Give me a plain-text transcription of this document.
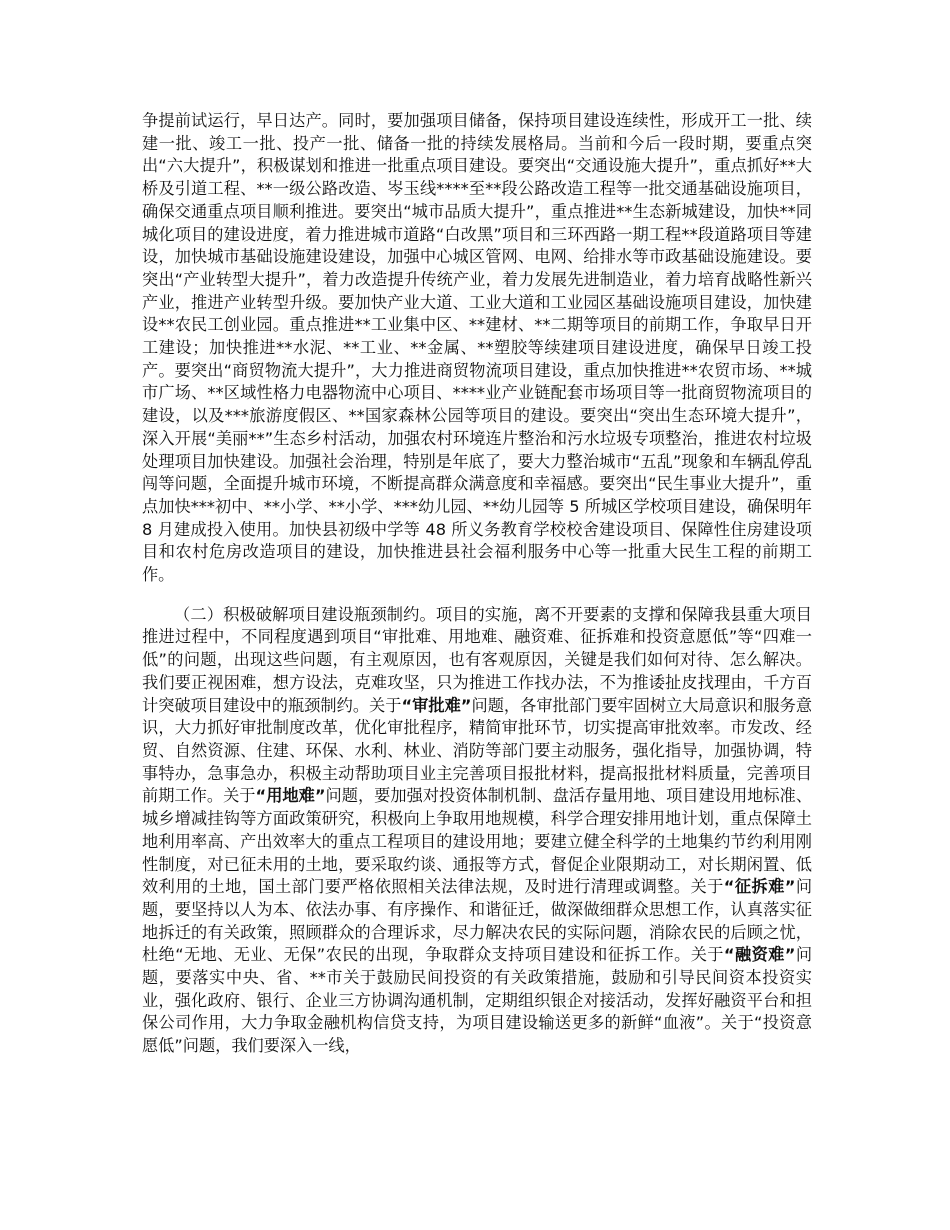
争提前试运行，早日达产。同时，要加强项目储备，保持项目建设连续性，形成开工一批、续建一批、竣工一批、投产一批、储备一批的持续发展格局。当前和今后一段时期，要重点突出“六大提升”，积极谋划和推进一批重点项目建设。要突出“交通设施大提升”，重点抓好**大桥及引道工程、**一级公路改造、岑玉线****至**段公路改造工程等一批交通基础设施项目，确保交通重点项目顺利推进。要突出“城市品质大提升”，重点推进**生态新城建设，加快**同城化项目的建设进度，着力推进城市道路“白改黑”项目和三环西路一期工程**段道路项目等建设，加快城市基础设施建设建设，加强中心城区管网、电网、给排水等市政基础设施建设。要突出“产业转型大提升”，着力改造提升传统产业，着力发展先进制造业，着力培育战略性新兴产业，推进产业转型升级。要加快产业大道、工业大道和工业园区基础设施项目建设，加快建设**农民工创业园。重点推进**工业集中区、**建材、**二期等项目的前期工作，争取早日开工建设；加快推进**水泥、**工业、**金属、**塑胶等续建项目建设进度，确保早日竣工投产。要突出“商贸物流大提升”，大力推进商贸物流项目建设，重点加快推进**农贸市场、**城市广场、**区域性格力电器物流中心项目、****业产业链配套市场项目等一批商贸物流项目的建设，以及***旅游度假区、**国家森林公园等项目的建设。要突出“突出生态环境大提升”，深入开展“美丽**”生态乡村活动，加强农村环境连片整治和污水垃圾专项整治，推进农村垃圾处理项目加快建设。加强社会治理，特别是年底了，要大力整治城市“五乱”现象和车辆乱停乱闯等问题，全面提升城市环境，不断提高群众满意度和幸福感。要突出“民生事业大提升”，重点加快***初中、**小学、**小学、***幼儿园、**幼儿园等 5 所城区学校项目建设，确保明年 8 月建成投入使用。加快县初级中学等 48 所义务教育学校校舍建设项目、保障性住房建设项目和农村危房改造项目的建设，加快推进县社会福利服务中心等一批重大民生工程的前期工作。

（二）积极破解项目建设瓶颈制约。项目的实施，离不开要素的支撑和保障我县重大项目推进过程中，不同程度遇到项目“审批难、用地难、融资难、征拆难和投资意愿低”等“四难一低”的问题，出现这些问题，有主观原因，也有客观原因，关键是我们如何对待、怎么解决。我们要正视困难，想方设法，克难攻坚，只为推进工作找办法，不为推诿扯皮找理由，千方百计突破项目建设中的瓶颈制约。关于“审批难”问题，各审批部门要牢固树立大局意识和服务意识，大力抓好审批制度改革，优化审批程序，精简审批环节，切实提高审批效率。市发改、经贸、自然资源、住建、环保、水利、林业、消防等部门要主动服务，强化指导，加强协调，特事特办，急事急办，积极主动帮助项目业主完善项目报批材料，提高报批材料质量，完善项目前期工作。关于“用地难”问题，要加强对投资体制机制、盘活存量用地、项目建设用地标准、城乡增减挂钩等方面政策研究，积极向上争取用地规模，科学合理安排用地计划，重点保障土地利用率高、产出效率大的重点工程项目的建设用地；要建立健全科学的土地集约节约利用刚性制度，对已征未用的土地，要采取约谈、通报等方式，督促企业限期动工，对长期闲置、低效利用的土地，国土部门要严格依照相关法律法规，及时进行清理或调整。关于“征拆难”问题，要坚持以人为本、依法办事、有序操作、和谐征迁，做深做细群众思想工作，认真落实征地拆迁的有关政策，照顾群众的合理诉求，尽力解决农民的实际问题，消除农民的后顾之忧，杜绝“无地、无业、无保”农民的出现，争取群众支持项目建设和征拆工作。关于“融资难”问题，要落实中央、省、**市关于鼓励民间投资的有关政策措施，鼓励和引导民间资本投资实业，强化政府、银行、企业三方协调沟通机制，定期组织银企对接活动，发挥好融资平台和担保公司作用，大力争取金融机构信贷支持，为项目建设输送更多的新鲜“血液”。关于“投资意愿低”问题，我们要深入一线，
